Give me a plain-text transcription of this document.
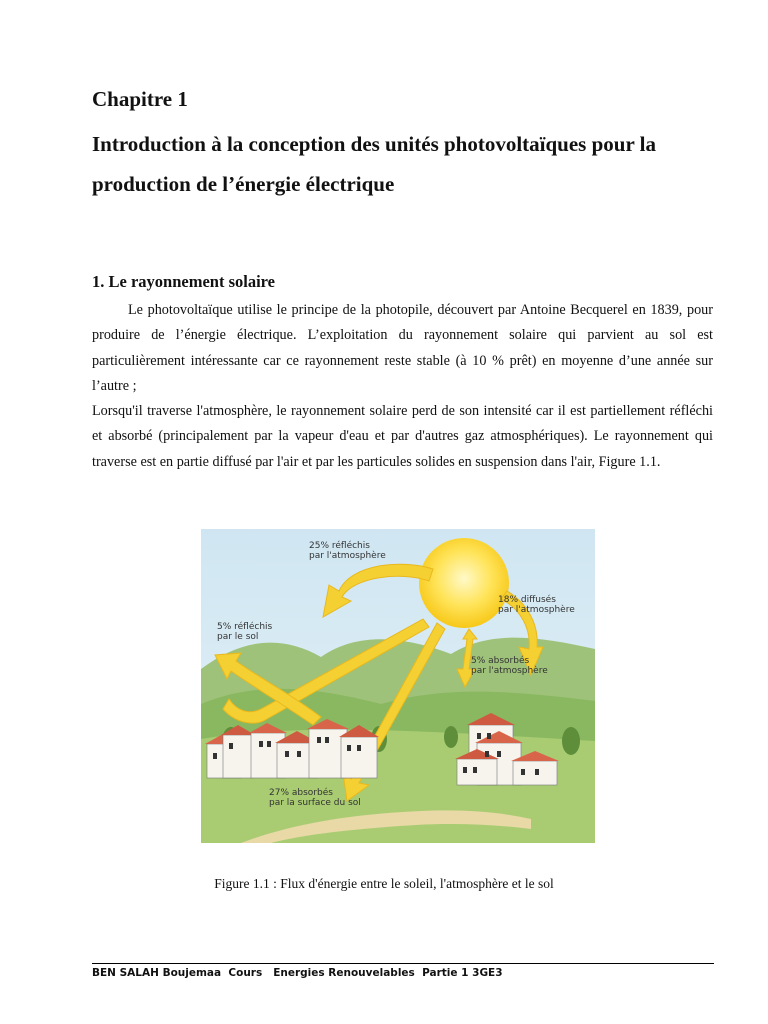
Chapitre 1
Introduction à la conception des unités photovoltaïques pour la production de l’énergie électrique
1. Le rayonnement solaire

Le photovoltaïque utilise le principe de la photopile, découvert par Antoine Becquerel en 1839, pour produire de l’énergie électrique. L’exploitation du rayonnement solaire qui parvient au sol est particulièrement intéressante car ce rayonnement reste stable (à 10 % prêt) en moyenne d’une année sur l’autre ;

Lorsqu'il traverse l'atmosphère, le rayonnement solaire perd de son intensité car il est partiellement réfléchi et absorbé (principalement par la vapeur d'eau et par d'autres gaz atmosphériques). Le rayonnement qui traverse est en partie diffusé par l'air et par les particules solides en suspension dans l'air, Figure 1.1.

25% réfléchis par l'atmosphère
18% diffusés par l'atmosphère
5% réfléchis par le sol
5% absorbés par l'atmosphère
27% absorbés par la surface du sol
Figure 1.1 : Flux d'énergie entre le soleil, l'atmosphère et le sol
BEN SALAH Boujemaa  Cours   Energies Renouvelables  Partie 1 3GE3
